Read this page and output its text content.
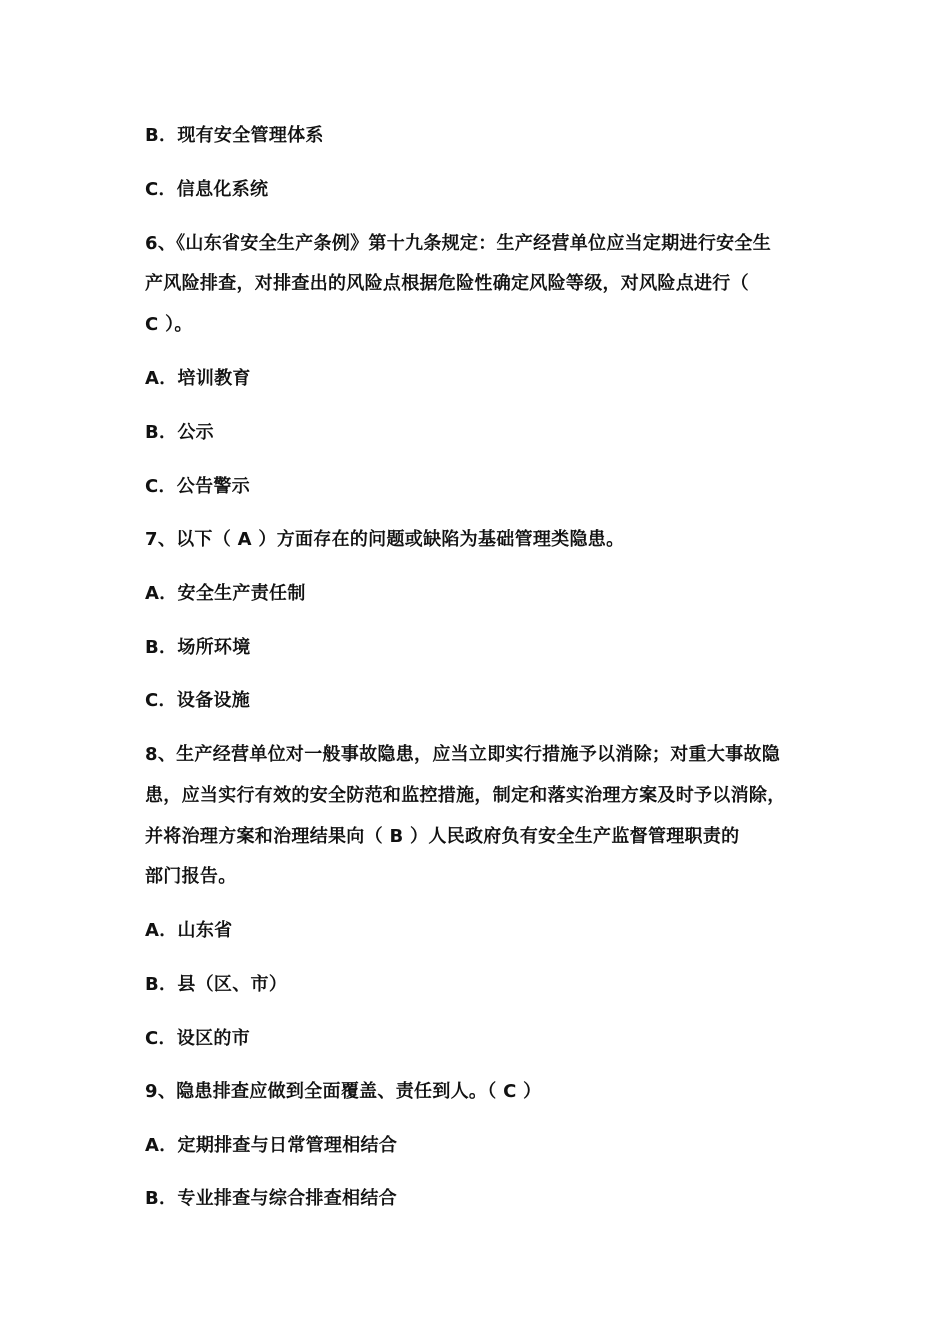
B．现有安全管理体系
C．信息化系统
6、《山东省安全生产条例》第十九条规定：生产经营单位应当定期进行安全生
产风险排查，对排查出的风险点根据危险性确定风险等级，对风险点进行（
C ）。
A．培训教育
B．公示
C．公告警示
7、以下（ A ）方面存在的问题或缺陷为基础管理类隐患。
A．安全生产责任制
B．场所环境
C．设备设施
8、生产经营单位对一般事故隐患，应当立即实行措施予以消除；对重大事故隐
患，应当实行有效的安全防范和监控措施，制定和落实治理方案及时予以消除，
并将治理方案和治理结果向（ B ）人民政府负有安全生产监督管理职责的
部门报告。
A．山东省
B．县（区、市）
C．设区的市
9、隐患排查应做到全面覆盖、责任到人。（ C ）
A．定期排查与日常管理相结合
B．专业排查与综合排查相结合
